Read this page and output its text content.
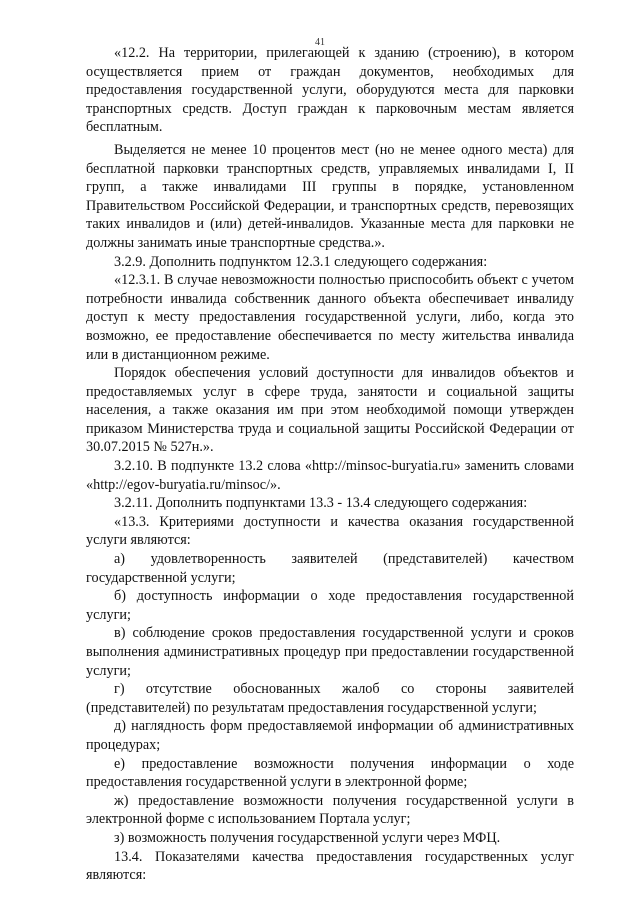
41

«12.2. На территории, прилегающей к зданию (строению), в котором осуществляется прием от граждан документов, необходимых для предоставления государственной услуги, оборудуются места для парковки транспортных средств. Доступ граждан к парковочным местам является бесплатным.

Выделяется не менее 10 процентов мест (но не менее одного места) для бесплатной парковки транспортных средств, управляемых инвалидами I, II групп, а также инвалидами III группы в порядке, установленном Правительством Российской Федерации, и транспортных средств, перевозящих таких инвалидов и (или) детей-инвалидов. Указанные места для парковки не должны занимать иные транспортные средства.».

3.2.9. Дополнить подпунктом 12.3.1 следующего содержания:

«12.3.1. В случае невозможности полностью приспособить объект с учетом потребности инвалида собственник данного объекта обеспечивает инвалиду доступ к месту предоставления государственной услуги, либо, когда это возможно, ее предоставление обеспечивается по месту жительства инвалида или в дистанционном режиме.

Порядок обеспечения условий доступности для инвалидов объектов и предоставляемых услуг в сфере труда, занятости и социальной защиты населения, а также оказания им при этом необходимой помощи утвержден приказом Министерства труда и социальной защиты Российской Федерации от 30.07.2015 № 527н.».

3.2.10. В подпункте 13.2 слова «http://minsoc-buryatia.ru» заменить словами «http://egov-buryatia.ru/minsoc/».

3.2.11. Дополнить подпунктами 13.3 - 13.4 следующего содержания:

«13.3. Критериями доступности и качества оказания государственной услуги являются:

а) удовлетворенность заявителей (представителей) качеством государственной услуги;

б) доступность информации о ходе предоставления государственной услуги;

в) соблюдение сроков предоставления государственной услуги и сроков выполнения административных процедур при предоставлении государственной услуги;

г) отсутствие обоснованных жалоб со стороны заявителей (представителей) по результатам предоставления государственной услуги;

д) наглядность форм предоставляемой информации об административных процедурах;

е) предоставление возможности получения информации о ходе предоставления государственной услуги в электронной форме;

ж) предоставление возможности получения государственной услуги в электронной форме с использованием Портала услуг;

з) возможность получения государственной услуги через МФЦ.

13.4. Показателями качества предоставления государственных услуг являются:
